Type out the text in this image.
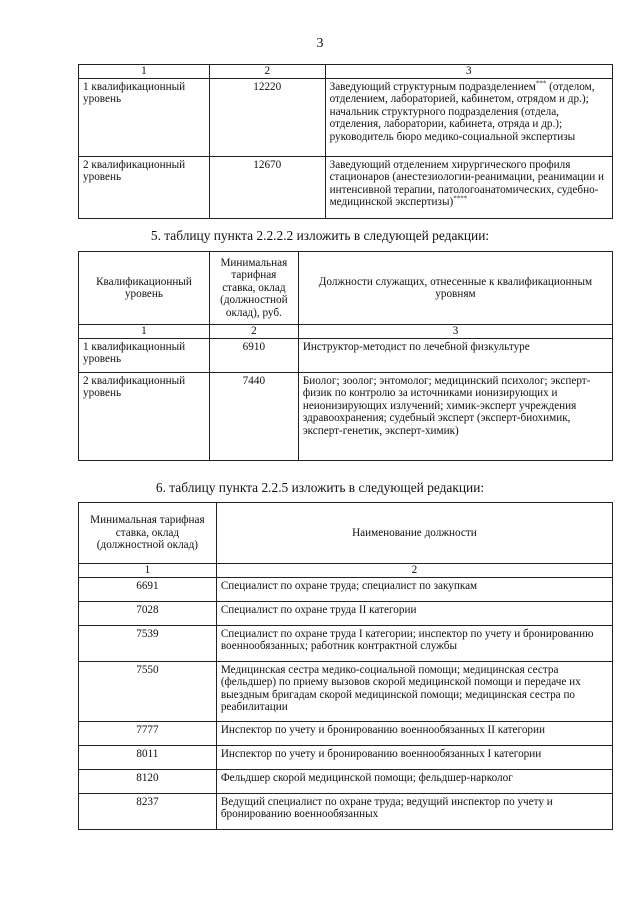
3
1	2	3
1 квалификационный уровень	12220	Заведующий структурным подразделением*** (отделом, отделением, лабораторией, кабинетом, отрядом и др.); начальник структурного подразделения (отдела, отделения, лаборатории, кабинета, отряда и др.); руководитель бюро медико-социальной экспертизы
2 квалификационный уровень	12670	Заведующий отделением хирургического профиля стационаров (анестезиологии-реанимации, реанимации и интенсивной терапии, патологоанатомических, судебно-медицинской экспертизы)****
5. таблицу пункта 2.2.2.2 изложить в следующей редакции:
Квалификационный уровень	Минимальная тарифная ставка, оклад (должностной оклад), руб.	Должности служащих, отнесенные к квалификационным уровням
1	2	3
1 квалификационный уровень	6910	Инструктор-методист по лечебной физкультуре
2 квалификационный уровень	7440	Биолог; зоолог; энтомолог; медицинский психолог; эксперт-физик по контролю за источниками ионизирующих и неионизирующих излучений; химик-эксперт учреждения здравоохранения; судебный эксперт (эксперт-биохимик, эксперт-генетик, эксперт-химик)
6. таблицу пункта 2.2.5 изложить в следующей редакции:
Минимальная тарифная ставка, оклад (должностной оклад)	Наименование должности
1	2
6691	Специалист по охране труда; специалист по закупкам
7028	Специалист по охране труда II категории
7539	Специалист по охране труда I категории; инспектор по учету и бронированию военнообязанных; работник контрактной службы
7550	Медицинская сестра медико-социальной помощи; медицинская сестра (фельдшер) по приему вызовов скорой медицинской помощи и передаче их выездным бригадам скорой медицинской помощи; медицинская сестра по реабилитации
7777	Инспектор по учету и бронированию военнообязанных II категории
8011	Инспектор по учету и бронированию военнообязанных I категории
8120	Фельдшер скорой медицинской помощи; фельдшер-нарколог
8237	Ведущий специалист по охране труда; ведущий инспектор по учету и бронированию военнообязанных
